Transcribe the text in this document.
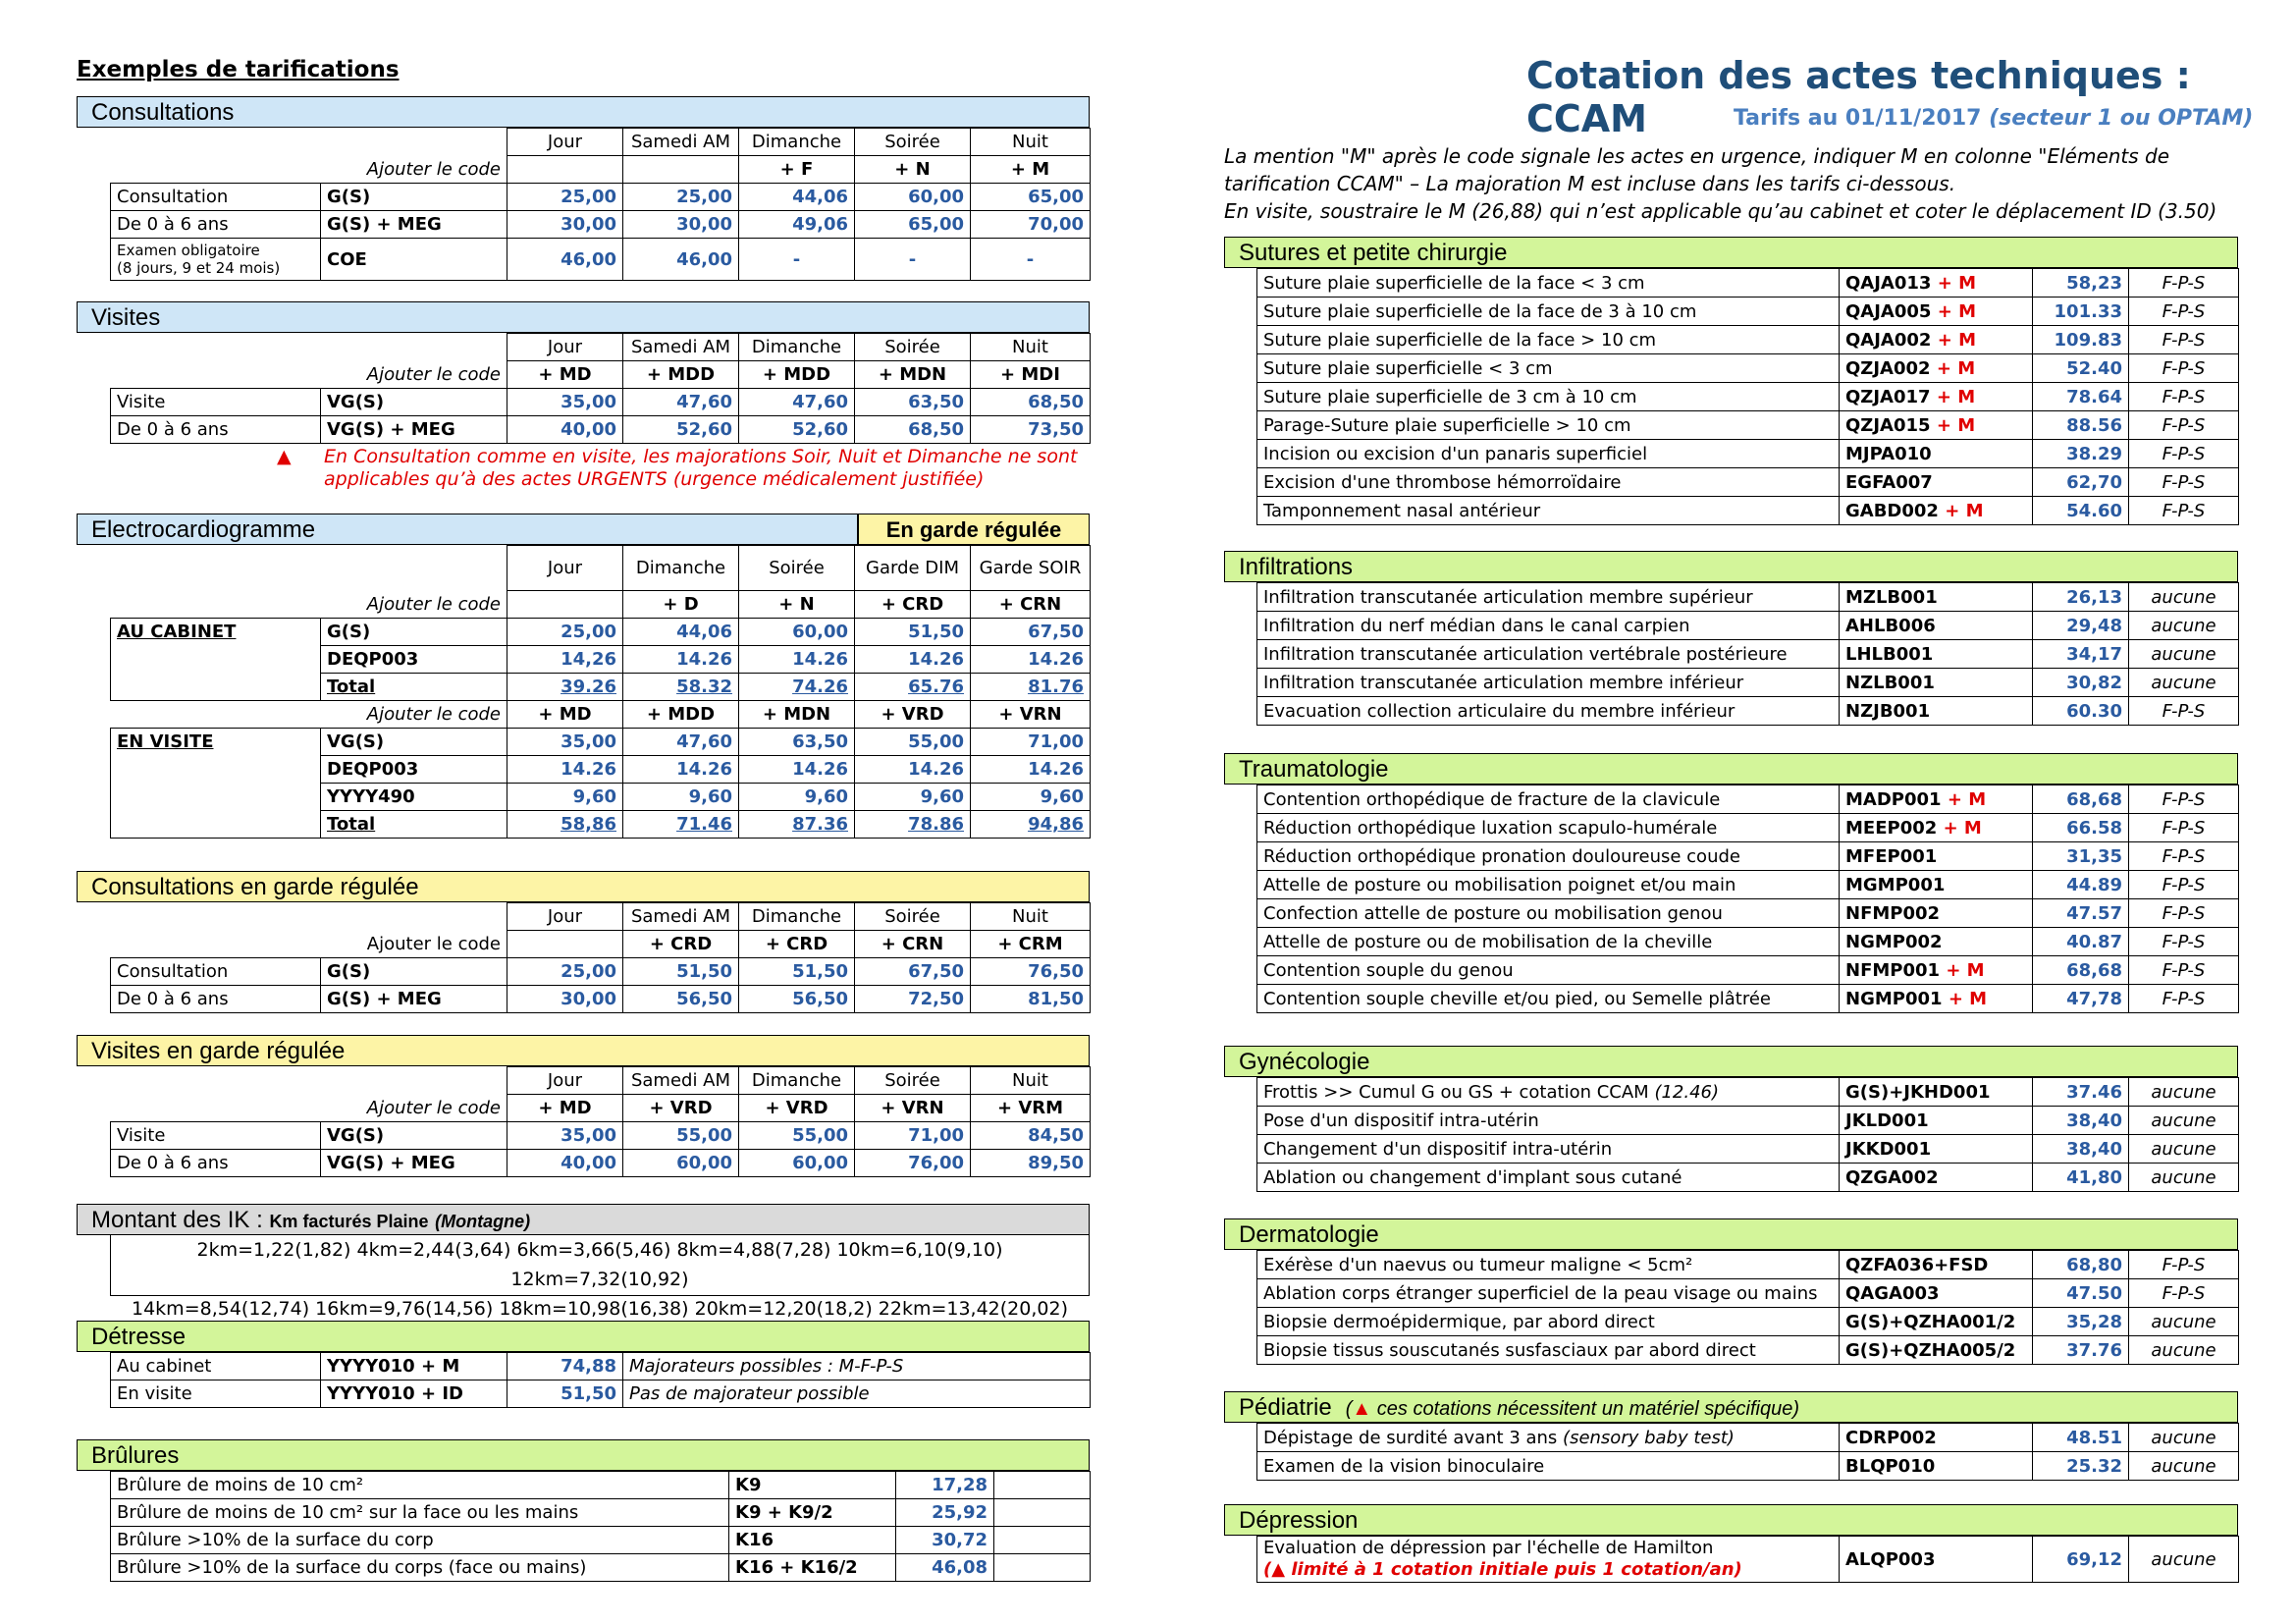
Exemples de tarifications	Cotation des actes techniques : CCAM	Tarifs au 01/11/2017 (secteur 1 ou OPTAM)
La mention "M" après le code signale les actes en urgence, indiquer M en colonne "Eléments de
tarification CCAM" – La majoration M est incluse dans les tarifs ci-dessous.
En visite, soustraire le M (26,88) qui n’est applicable qu’au cabinet et coter le déplacement ID (3.50)
Consultations
		Jour	Samedi AM	Dimanche	Soirée	Nuit
Ajouter le code				+ F	+ N	+ M
Consultation	G(S)	25,00	25,00	44,06	60,00	65,00
De 0 à 6 ans	G(S) + MEG	30,00	30,00	49,06	65,00	70,00

Examen obligatoire
(8 jours, 9 et 24 mois)	COE	46,00	46,00	-	-	-
Visites
		Jour	Samedi AM	Dimanche	Soirée	Nuit
Ajouter le code		+ MD	+ MDD	+ MDD	+ MDN	+ MDI
Visite	VG(S)	35,00	47,60	47,60	63,50	68,50
De 0 à 6 ans	VG(S) + MEG	40,00	52,60	52,60	68,50	73,50
▲ En Consultation comme en visite, les majorations Soir, Nuit et Dimanche ne sont
applicables qu’à des actes URGENTS (urgence médicalement justifiée)
Electrocardiogramme	En garde régulée
		Jour	Dimanche	Soirée	Garde DIM	Garde SOIR
Ajouter le code			+ D	+ N	+ CRD	+ CRN
AU CABINET	G(S)	25,00	44,06	60,00	51,50	67,50
	DEQP003	14,26	14.26	14.26	14.26	14.26
	Total	39.26	58.32	74.26	65.76	81.76
Ajouter le code		+ MD	+ MDD	+ MDN	+ VRD	+ VRN
EN VISITE	VG(S)	35,00	47,60	63,50	55,00	71,00
	DEQP003	14.26	14.26	14.26	14.26	14.26
	YYYY490	9,60	9,60	9,60	9,60	9,60
	Total	58,86	71.46	87.36	78.86	94,86
Consultations en garde régulée
		Jour	Samedi AM	Dimanche	Soirée	Nuit
Ajouter le code			+ CRD	+ CRD	+ CRN	+ CRM
Consultation	G(S)	25,00	51,50	51,50	67,50	76,50
De 0 à 6 ans	G(S) + MEG	30,00	56,50	56,50	72,50	81,50
Visites en garde régulée
		Jour	Samedi AM	Dimanche	Soirée	Nuit
Ajouter le code		+ MD	+ VRD	+ VRD	+ VRN	+ VRM
Visite	VG(S)	35,00	55,00	55,00	71,00	84,50
De 0 à 6 ans	VG(S) + MEG	40,00	60,00	60,00	76,00	89,50
Montant des IK : Km facturés Plaine (Montagne)
2km=1,22(1,82) 4km=2,44(3,64) 6km=3,66(5,46) 8km=4,88(7,28) 10km=6,10(9,10) 12km=7,32(10,92)
14km=8,54(12,74) 16km=9,76(14,56) 18km=10,98(16,38) 20km=12,20(18,2) 22km=13,42(20,02)
Détresse
Au cabinet	YYYY010 + M	74,88	Majorateurs possibles : M-F-P-S
En visite	YYYY010 + ID	51,50	Pas de majorateur possible
Brûlures
Brûlure de moins de 10 cm²	K9	17,28	
Brûlure de moins de 10 cm² sur la face ou les mains	K9 + K9/2	25,92	
Brûlure >10% de la surface du corp	K16	30,72	
Brûlure >10% de la surface du corps (face ou mains)	K16 + K16/2	46,08	
Sutures et petite chirurgie
Suture plaie superficielle de la face < 3 cm	QAJA013 + M	58,23	F-P-S
Suture plaie superficielle de la face de 3 à 10 cm	QAJA005 + M	101.33	F-P-S
Suture plaie superficielle de la face > 10 cm	QAJA002 + M	109.83	F-P-S
Suture plaie superficielle < 3 cm	QZJA002 + M	52.40	F-P-S
Suture plaie superficielle de 3 cm à 10 cm	QZJA017 + M	78.64	F-P-S
Parage-Suture plaie superficielle > 10 cm	QZJA015 + M	88.56	F-P-S
Incision ou excision d'un panaris superficiel	MJPA010	38.29	F-P-S
Excision d'une thrombose hémorroïdaire	EGFA007	62,70	F-P-S
Tamponnement nasal antérieur	GABD002 + M	54.60	F-P-S
Infiltrations
Infiltration transcutanée articulation membre supérieur	MZLB001	26,13	aucune
Infiltration du nerf médian dans le canal carpien	AHLB006	29,48	aucune
Infiltration transcutanée articulation vertébrale postérieure	LHLB001	34,17	aucune
Infiltration transcutanée articulation membre inférieur	NZLB001	30,82	aucune
Evacuation collection articulaire du membre inférieur	NZJB001	60.30	F-P-S
Traumatologie
Contention orthopédique de fracture de la clavicule	MADP001 + M	68,68	F-P-S
Réduction orthopédique luxation scapulo-humérale	MEEP002 + M	66.58	F-P-S
Réduction orthopédique pronation douloureuse coude	MFEP001	31,35	F-P-S
Attelle de posture ou mobilisation poignet et/ou main	MGMP001	44.89	F-P-S
Confection attelle de posture ou mobilisation genou	NFMP002	47.57	F-P-S
Attelle de posture ou de mobilisation de la cheville	NGMP002	40.87	F-P-S
Contention souple du genou	NFMP001 + M	68,68	F-P-S
Contention souple cheville et/ou pied, ou Semelle plâtrée	NGMP001 + M	47,78	F-P-S
Gynécologie
Frottis >> Cumul G ou GS + cotation CCAM (12.46)	G(S)+JKHD001	37.46	aucune
Pose d'un dispositif intra-utérin	JKLD001	38,40	aucune
Changement d'un dispositif intra-utérin	JKKD001	38,40	aucune
Ablation ou changement d'implant sous cutané	QZGA002	41,80	aucune
Dermatologie
Exérèse d'un naevus ou tumeur maligne < 5cm²	QZFA036+FSD	68,80	F-P-S
Ablation corps étranger superficiel de la peau visage ou mains	QAGA003	47.50	F-P-S
Biopsie dermoépidermique, par abord direct	G(S)+QZHA001/2	35,28	aucune
Biopsie tissus souscutanés susfasciaux par abord direct	G(S)+QZHA005/2	37.76	aucune
Pédiatrie (▲ ces cotations nécessitent un matériel spécifique)
Dépistage de surdité avant 3 ans (sensory baby test)	CDRP002	48.51	aucune
Examen de la vision binoculaire	BLQP010	25.32	aucune
Dépression
Evaluation de dépression par l'échelle de Hamilton
(▲ limité à 1 cotation initiale puis 1 cotation/an)	ALQP003	69,12	aucune
